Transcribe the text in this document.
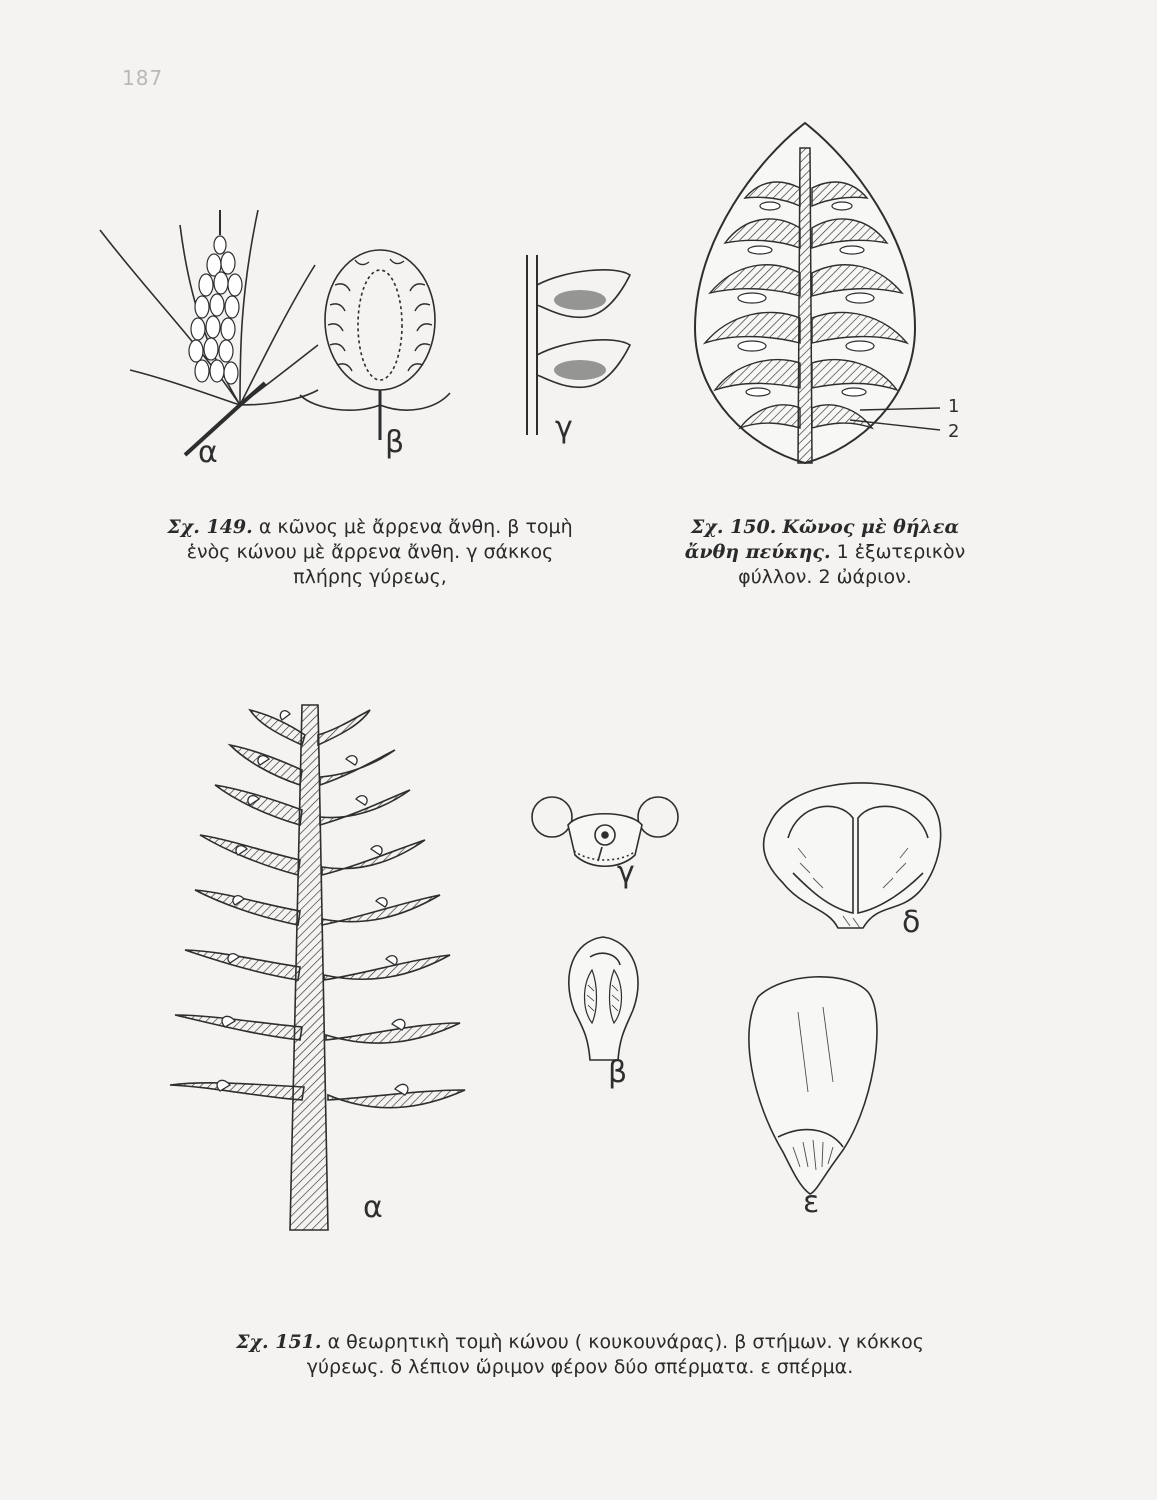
187
α	β	γ
1
2
Σχ. 149. α κῶνος μὲ ἄρρενα ἄνθη. β τομὴ
ἑνὸς κώνου μὲ ἄρρενα ἄνθη. γ σάκκος
πλήρης γύρεως,
Σχ. 150. Κῶνος μὲ θήλεα
ἄνθη πεύκης. 1 ἐξωτερικὸν
φύλλον. 2 ὠάριον.
α
γ
β
δ
ε
Σχ. 151. α θεωρητικὴ τομὴ κώνου ( κουκουνάρας). β στήμων. γ κόκκος
γύρεως. δ λέπιον ὥριμον φέρον δύο σπέρματα. ε σπέρμα.
